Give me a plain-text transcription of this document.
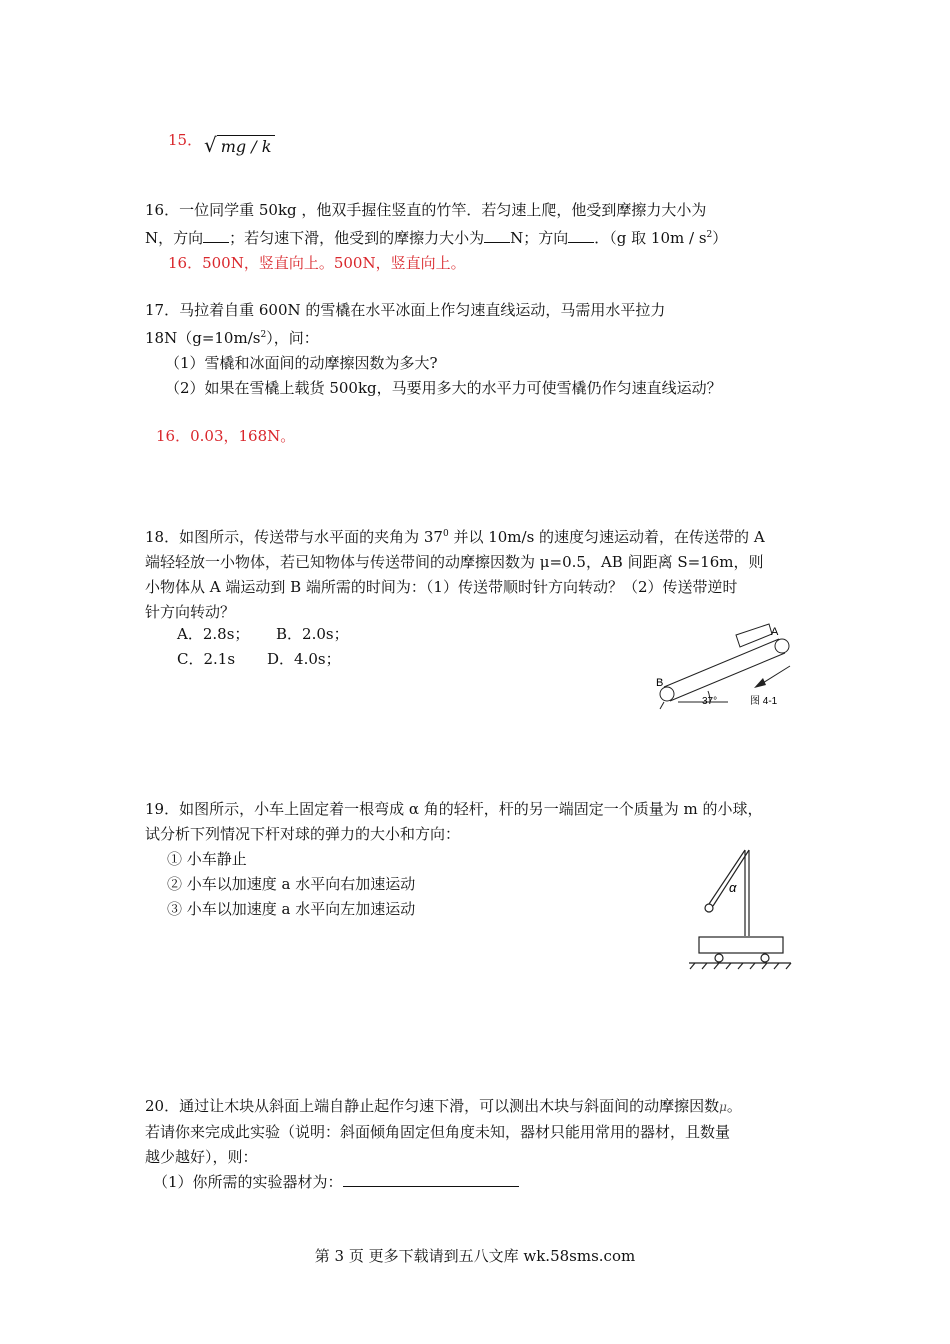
15． √ mg / k
16．一位同学重 50kg ，他双手握住竖直的竹竿．若匀速上爬，他受到摩擦力大小为
N，方向 ；若匀速下滑，他受到的摩擦力大小为 N；方向 ．（g 取 $10m / s^2$）
16．500N，竖直向上。500N，竖直向上。
17．马拉着自重 600N 的雪橇在水平冰面上作匀速直线运动，马需用水平拉力
$18N(g=10m/s^2)$，问：
（1）雪橇和冰面间的动摩擦因数为多大?
（2）如果在雪橇上载货 500kg，马要用多大的水平力可使雪橇仍作匀速直线运动？
16．0.03，168N。
18．如图所示，传送带与水平面的夹角为 $37^0$ 并以 10m/s 的速度匀速运动着，在传送带的 A
端轻轻放一小物体，若已知物体与传送带间的动摩擦因数为 μ=0.5，AB 间距离 S=16m，则
小物体从 A 端运动到 B 端所需的时间为：（1）传送带顺时针方向转动？（2）传送带逆时
针方向转动？
A．2.8s； B．2.0s；
C．2.1s D．4.0s；
A
B
37°	图 4-1
19．如图所示，小车上固定着一根弯成 α 角的轻杆，杆的另一端固定一个质量为 m 的小球，
试分析下列情况下杆对球的弹力的大小和方向：
① 小车静止
② 小车以加速度 a 水平向右加速运动
③ 小车以加速度 a 水平向左加速运动
α
20．通过让木块从斜面上端自静止起作匀速下滑，可以测出木块与斜面间的动摩擦因数μ。
若请你来完成此实验（说明：斜面倾角固定但角度未知，器材只能用常用的器材，且数量
越少越好），则：
（1）你所需的实验器材为：
第 3 页 更多下载请到五八文库 wk.58sms.com
